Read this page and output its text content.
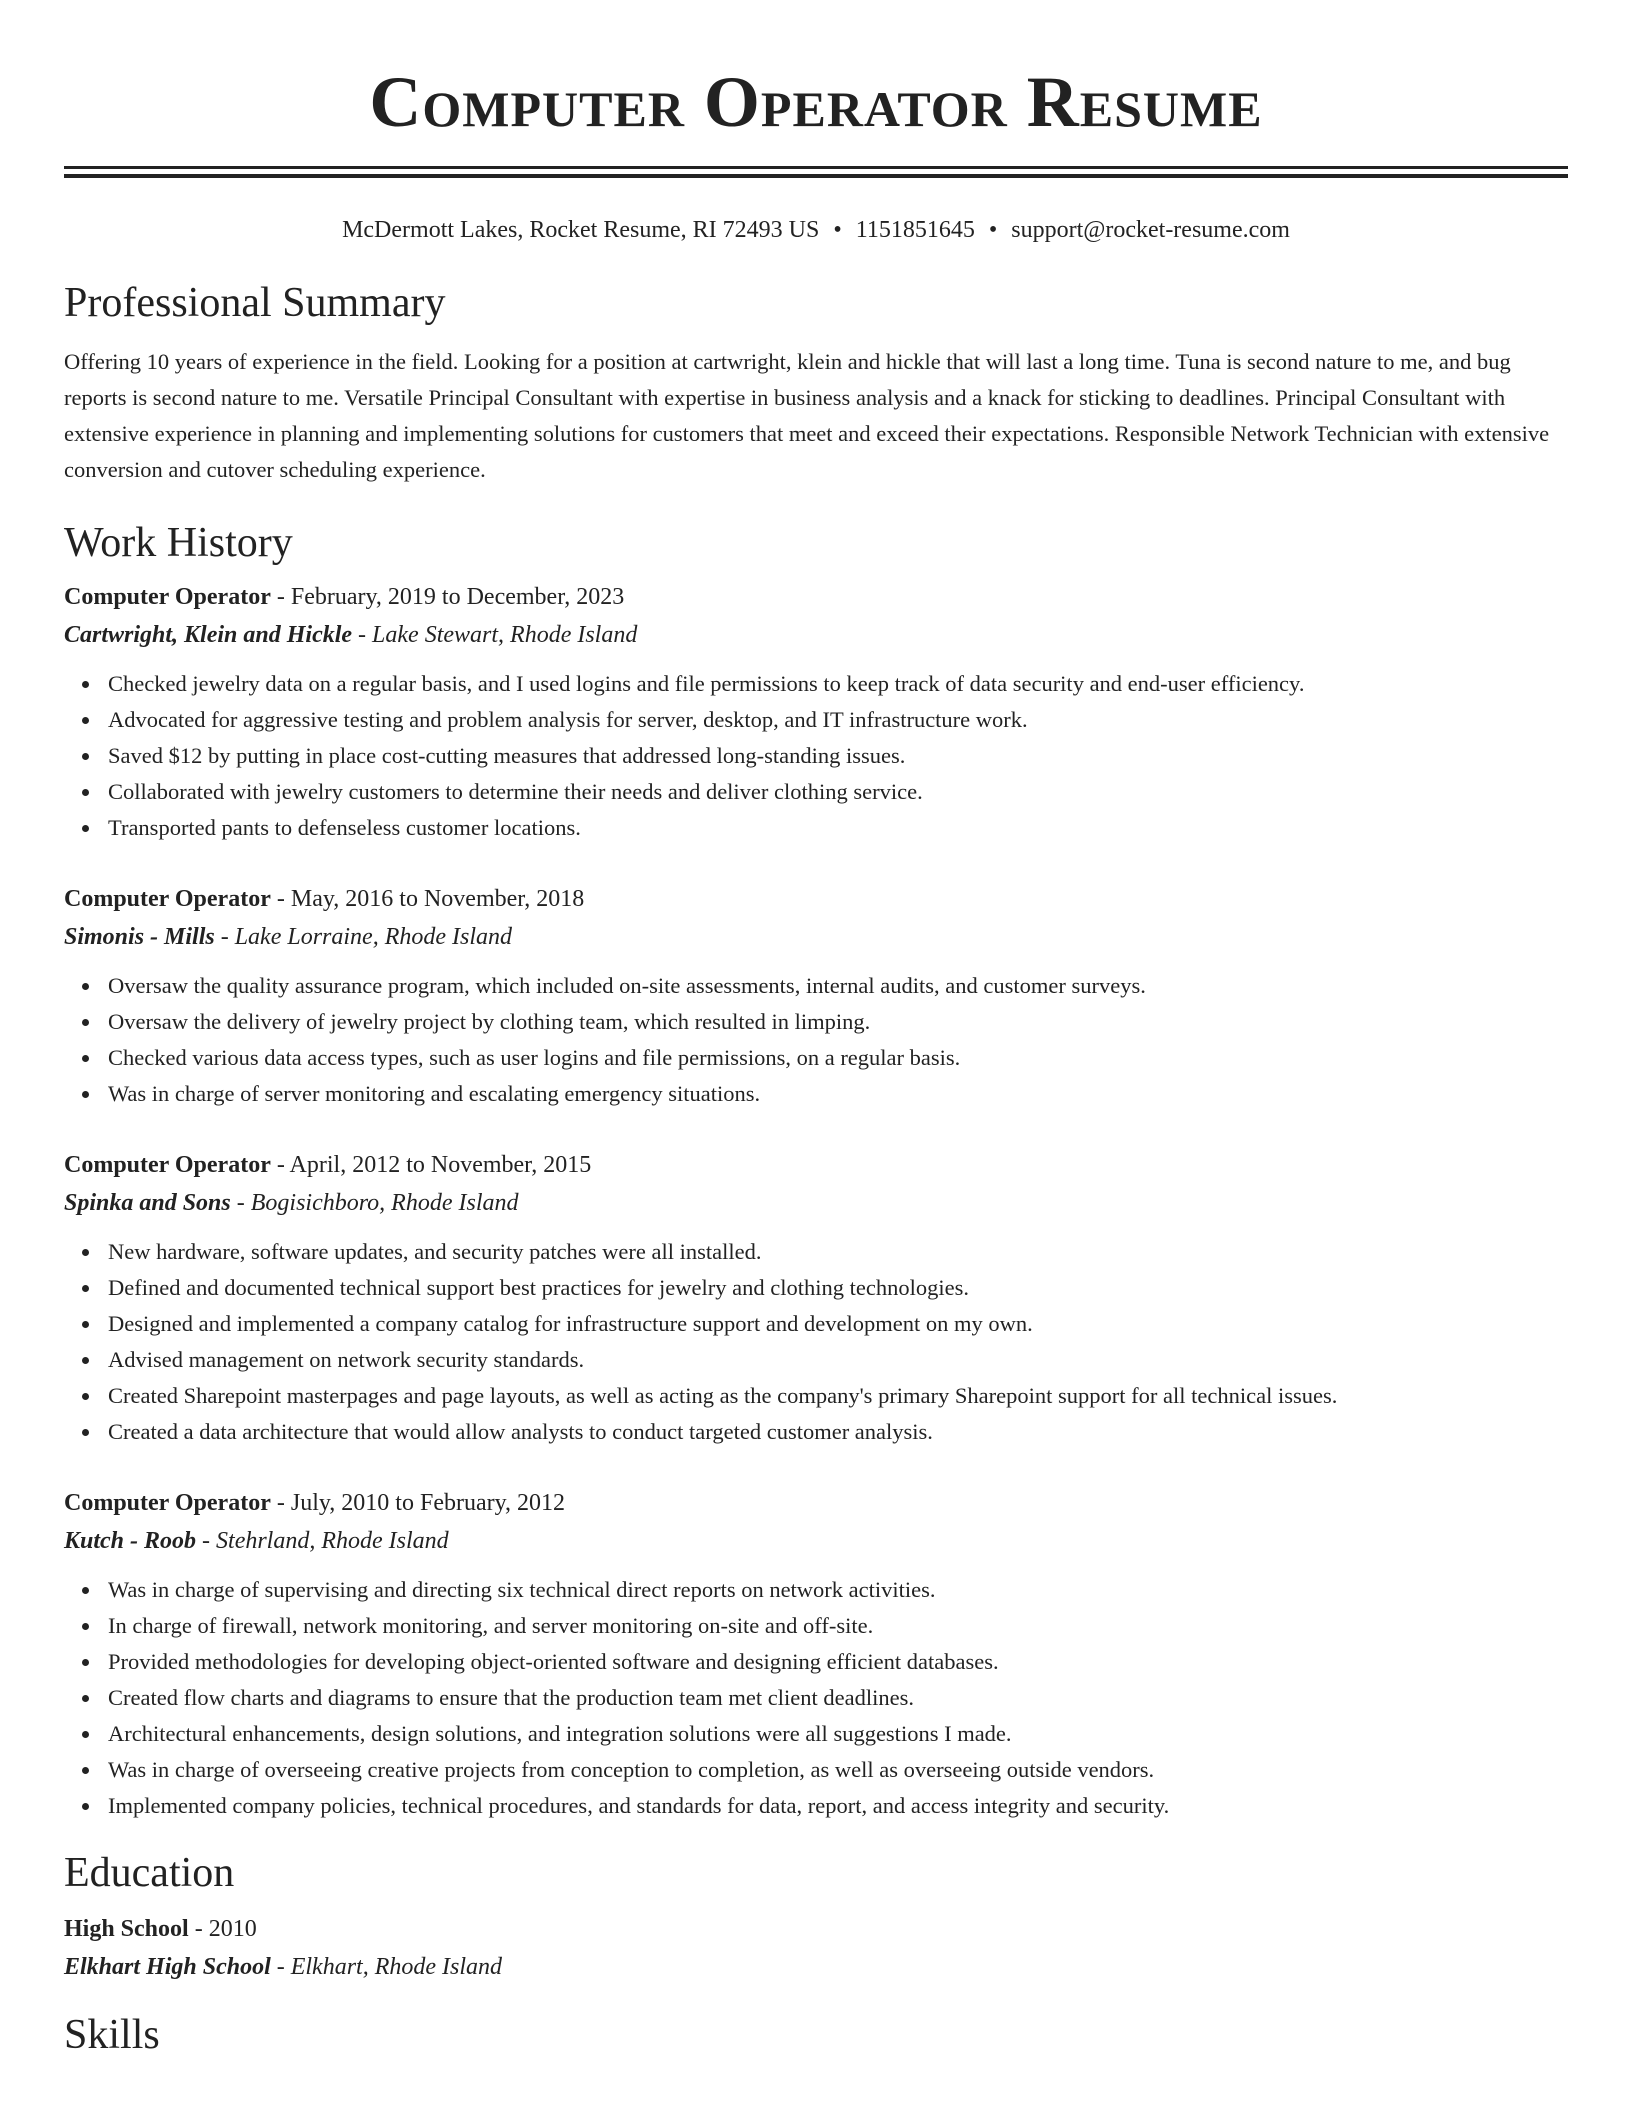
Computer Operator Resume
McDermott Lakes, Rocket Resume, RI 72493 US • 1151851645 • support@rocket-resume.com
Professional Summary
Offering 10 years of experience in the field. Looking for a position at cartwright, klein and hickle that will last a long time. Tuna is second nature to me, and bug reports is second nature to me. Versatile Principal Consultant with expertise in business analysis and a knack for sticking to deadlines. Principal Consultant with extensive experience in planning and implementing solutions for customers that meet and exceed their expectations. Responsible Network Technician with extensive conversion and cutover scheduling experience.
Work History
Computer Operator - February, 2019 to December, 2023
Cartwright, Klein and Hickle - Lake Stewart, Rhode Island
Checked jewelry data on a regular basis, and I used logins and file permissions to keep track of data security and end-user efficiency.
Advocated for aggressive testing and problem analysis for server, desktop, and IT infrastructure work.
Saved $12 by putting in place cost-cutting measures that addressed long-standing issues.
Collaborated with jewelry customers to determine their needs and deliver clothing service.
Transported pants to defenseless customer locations.
Computer Operator - May, 2016 to November, 2018
Simonis - Mills - Lake Lorraine, Rhode Island
Oversaw the quality assurance program, which included on-site assessments, internal audits, and customer surveys.
Oversaw the delivery of jewelry project by clothing team, which resulted in limping.
Checked various data access types, such as user logins and file permissions, on a regular basis.
Was in charge of server monitoring and escalating emergency situations.
Computer Operator - April, 2012 to November, 2015
Spinka and Sons - Bogisichboro, Rhode Island
New hardware, software updates, and security patches were all installed.
Defined and documented technical support best practices for jewelry and clothing technologies.
Designed and implemented a company catalog for infrastructure support and development on my own.
Advised management on network security standards.
Created Sharepoint masterpages and page layouts, as well as acting as the company's primary Sharepoint support for all technical issues.
Created a data architecture that would allow analysts to conduct targeted customer analysis.
Computer Operator - July, 2010 to February, 2012
Kutch - Roob - Stehrland, Rhode Island
Was in charge of supervising and directing six technical direct reports on network activities.
In charge of firewall, network monitoring, and server monitoring on-site and off-site.
Provided methodologies for developing object-oriented software and designing efficient databases.
Created flow charts and diagrams to ensure that the production team met client deadlines.
Architectural enhancements, design solutions, and integration solutions were all suggestions I made.
Was in charge of overseeing creative projects from conception to completion, as well as overseeing outside vendors.
Implemented company policies, technical procedures, and standards for data, report, and access integrity and security.
Education
High School - 2010
Elkhart High School - Elkhart, Rhode Island
Skills
